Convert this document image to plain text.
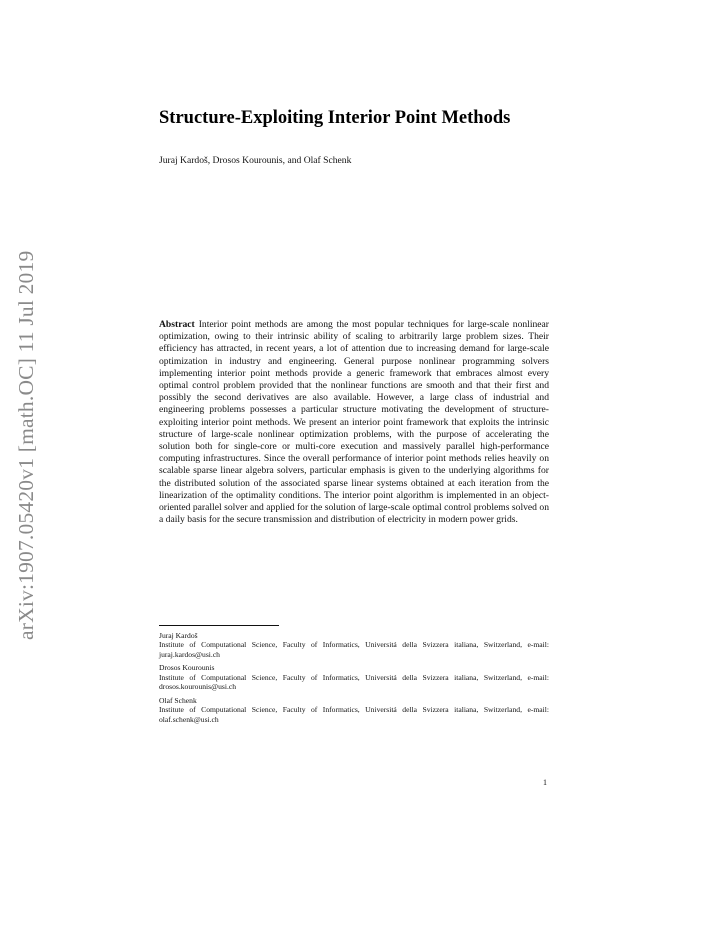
arXiv:1907.05420v1 [math.OC] 11 Jul 2019
Structure-Exploiting Interior Point Methods
Juraj Kardoš, Drosos Kourounis, and Olaf Schenk
Abstract Interior point methods are among the most popular techniques for large-scale nonlinear optimization, owing to their intrinsic ability of scaling to arbitrarily large problem sizes. Their efficiency has attracted, in recent years, a lot of attention due to increasing demand for large-scale optimization in industry and engineering. General purpose nonlinear programming solvers implementing interior point methods provide a generic framework that embraces almost every optimal control problem provided that the nonlinear functions are smooth and that their first and possibly the second derivatives are also available. However, a large class of industrial and engineering problems possesses a particular structure motivating the development of structure-exploiting interior point methods. We present an interior point framework that exploits the intrinsic structure of large-scale nonlinear optimization problems, with the purpose of accelerating the solution both for single-core or multi-core execution and massively parallel high-performance computing infrastructures. Since the overall performance of interior point methods relies heavily on scalable sparse linear algebra solvers, particular emphasis is given to the underlying algorithms for the distributed solution of the associated sparse linear systems obtained at each iteration from the linearization of the optimality conditions. The interior point algorithm is implemented in an object-oriented parallel solver and applied for the solution of large-scale optimal control problems solved on a daily basis for the secure transmission and distribution of electricity in modern power grids.
Juraj Kardoš
Institute of Computational Science, Faculty of Informatics, Universitá della Svizzera italiana, Switzerland, e-mail: juraj.kardos@usi.ch
Drosos Kourounis
Institute of Computational Science, Faculty of Informatics, Universitá della Svizzera italiana, Switzerland, e-mail: drosos.kourounis@usi.ch
Olaf Schenk
Institute of Computational Science, Faculty of Informatics, Universitá della Svizzera italiana, Switzerland, e-mail: olaf.schenk@usi.ch
1
